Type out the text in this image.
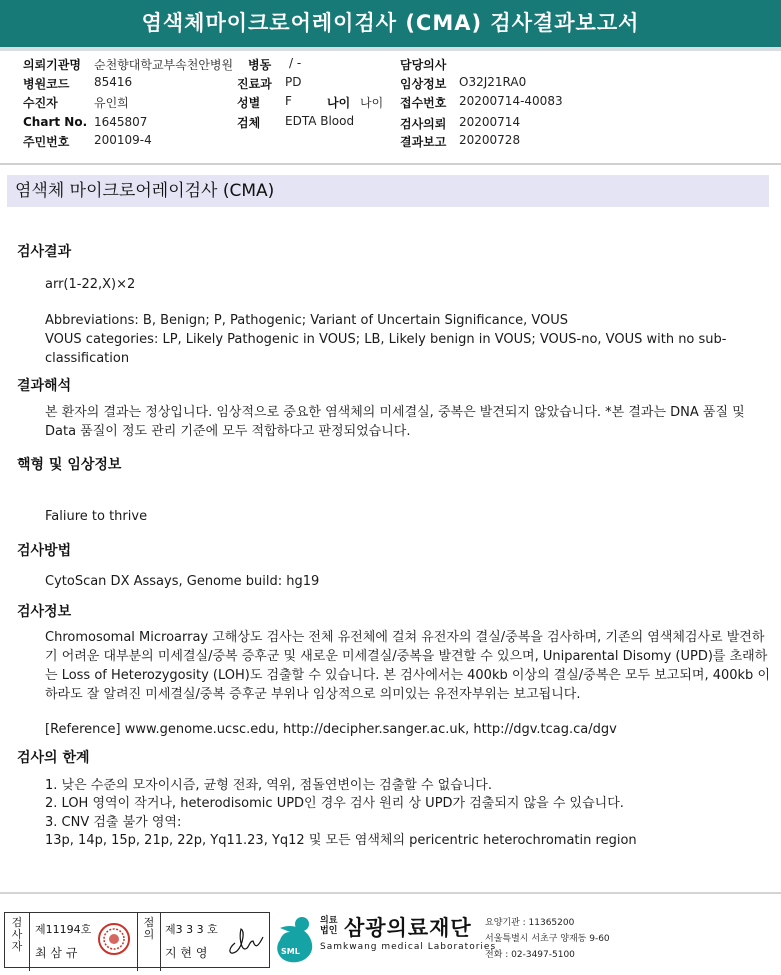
염색체마이크로어레이검사 (CMA) 검사결과보고서
의뢰기관명 순천향대학교부속천안병원 병동 / -	담당의사
병원코드 85416	진료과 PD	임상정보 O32J21RA0
수진자	유인희	성별 F	나이 나이 접수번호 20200714-40083
Chart No. 1645807	검체 EDTA Blood	검사의뢰 20200714
주민번호 200109-4	결과보고 20200728
염색체 마이크로어레이검사 (CMA)
검사결과
arr(1-22,X)×2
Abbreviations: B, Benign; P, Pathogenic; Variant of Uncertain Significance, VOUS
VOUS categories: LP, Likely Pathogenic in VOUS; LB, Likely benign in VOUS; VOUS-no, VOUS with no sub-classification
결과해석
본 환자의 결과는 정상입니다. 임상적으로 중요한 염색체의 미세결실, 중복은 발견되지 않았습니다. *본 결과는 DNA 품질 및 Data 품질이 정도 관리 기준에 모두 적합하다고 판정되었습니다.
핵형 및 임상정보
Faliure to thrive
검사방법
CytoScan DX Assays, Genome build: hg19
검사정보
Chromosomal Microarray 고해상도 검사는 전체 유전체에 걸쳐 유전자의 결실/중복을 검사하며, 기존의 염색체검사로 발견하기 어려운 대부분의 미세결실/중복 증후군 및 새로운 미세결실/중복을 발견할 수 있으며, Uniparental Disomy (UPD)를 초래하는 Loss of Heterozygosity (LOH)도 검출할 수 있습니다. 본 검사에서는 400kb 이상의 결실/중복은 모두 보고되며, 400kb 이하라도 잘 알려진 미세결실/중복 증후군 부위나 임상적으로 의미있는 유전자부위는 보고됩니다.
[Reference] www.genome.ucsc.edu, http://decipher.sanger.ac.uk, http://dgv.tcag.ca/dgv
검사의 한계
1. 낮은 수준의 모자이시즘, 균형 전좌, 역위, 점돌연변이는 검출할 수 없습니다.
2. LOH 영역이 작거나, heterodisomic UPD인 경우 검사 원리 상 UPD가 검출되지 않을 수 있습니다.
3. CNV 검출 불가 영역:
13p, 14p, 15p, 21p, 22p, Yq11.23, Yq12 및 모든 염색체의 pericentric heterochromatin region
검사자
제11194호
최 삼 규
점의 제3 3 3 호
지 현 영	SML
의료 법인 삼광의료재단
Samkwang medical Laboratories
요양기관 : 11365200
서울특별시 서초구 양재동 9-60
전화 : 02-3497-5100
